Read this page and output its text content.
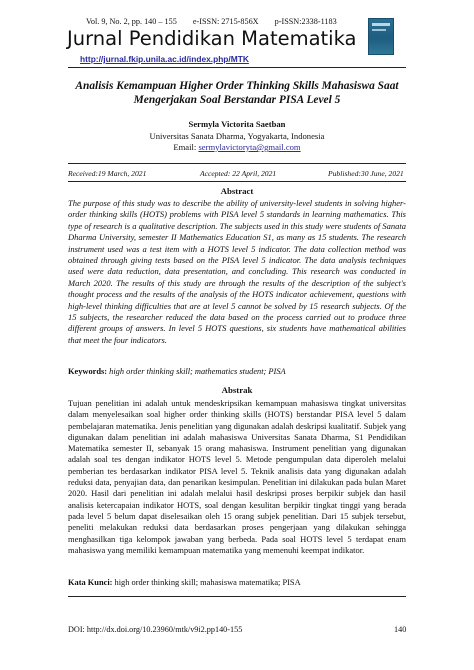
Vol. 9, No. 2, pp. 140 – 155 e-ISSN: 2715-856X p-ISSN:2338-1183
Jurnal Pendidikan Matematika
http://jurnal.fkip.unila.ac.id/index.php/MTK
Analisis Kemampuan Higher Order Thinking Skills Mahasiswa Saat
Mengerjakan Soal Berstandar PISA Level 5
Sermyla Victorita Saetban
Universitas Sanata Dharma, Yogyakarta, Indonesia
Email: sermylavictoryta@gmail.com
Received:19 March, 2021	Accepted: 22 April, 2021	Published:30 June, 2021
Abstract
The purpose of this study was to describe the ability of university-level students in solving higher-order thinking skills (HOTS) problems with PISA level 5 standards in learning mathematics. This type of research is a qualitative description. The subjects used in this study were students of Sanata Dharma University, semester II Mathematics Education S1, as many as 15 students. The research instrument used was a test item with a HOTS level 5 indicator. The data collection method was obtained through giving tests based on the PISA level 5 indicator. The data analysis techniques used were data reduction, data presentation, and concluding. This research was conducted in March 2020. The results of this study are through the results of the description of the subject's thought process and the results of the analysis of the HOTS indicator achievement, questions with high-level thinking difficulties that are at level 5 cannot be solved by 15 research subjects. Of the 15 subjects, the researcher reduced the data based on the process carried out to produce three different groups of answers. In level 5 HOTS questions, six students have mathematical abilities that meet the four indicators.
Keywords: high order thinking skill; mathematics student; PISA
Abstrak
Tujuan penelitian ini adalah untuk mendeskripsikan kemampuan mahasiswa tingkat universitas dalam menyelesaikan soal higher order thinking skills (HOTS) berstandar PISA level 5 dalam pembelajaran matematika. Jenis penelitian yang digunakan adalah deskripsi kualitatif. Subjek yang digunakan dalam penelitian ini adalah mahasiswa Universitas Sanata Dharma, S1 Pendidikan Matematika semester II, sebanyak 15 orang mahasiswa. Instrument penelitian yang digunakan adalah soal tes dengan indikator HOTS level 5. Metode pengumpulan data diperoleh melalui pemberian tes berdasarkan indikator PISA level 5. Teknik analisis data yang digunakan adalah reduksi data, penyajian data, dan penarikan kesimpulan. Penelitian ini dilakukan pada bulan Maret 2020. Hasil dari penelitian ini adalah melalui hasil deskripsi proses berpikir subjek dan hasil analisis ketercapaian indikator HOTS, soal dengan kesulitan berpikir tingkat tinggi yang berada pada level 5 belum dapat diselesaikan oleh 15 orang subjek penelitian. Dari 15 subjek tersebut, peneliti melakukan reduksi data berdasarkan proses pengerjaan yang dilakukan sehingga menghasilkan tiga kelompok jawaban yang berbeda. Pada soal HOTS level 5 terdapat enam mahasiswa yang memiliki kemampuan matematika yang memenuhi keempat indikator.
Kata Kunci: high order thinking skill; mahasiswa matematika; PISA
DOI: http://dx.doi.org/10.23960/mtk/v9i2.pp140-155	140
